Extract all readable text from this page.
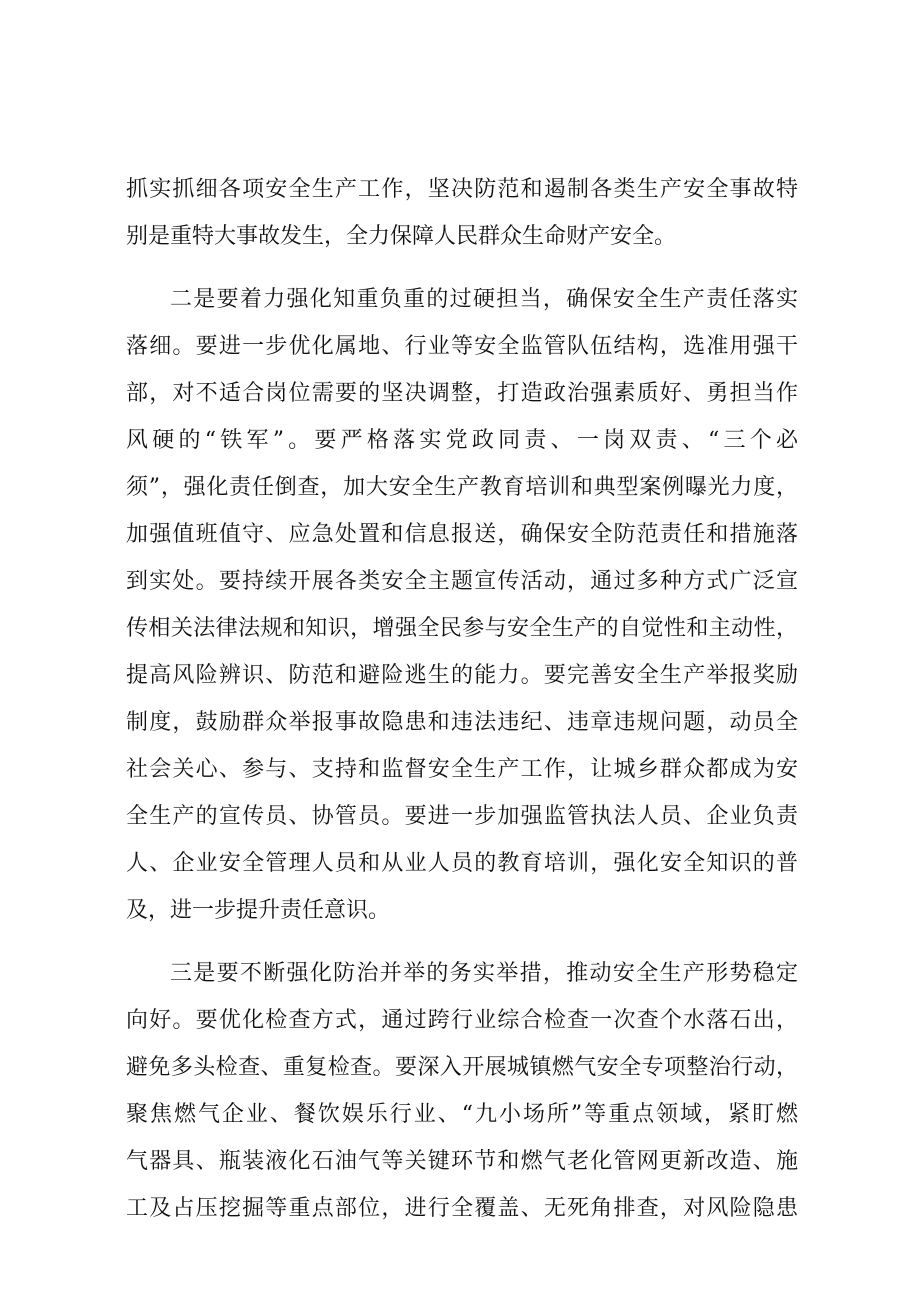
抓实抓细各项安全生产工作，坚决防范和遏制各类生产安全事故特
别是重特大事故发生，全力保障人民群众生命财产安全。
二是要着力强化知重负重的过硬担当，确保安全生产责任落实
落细。要进一步优化属地、行业等安全监管队伍结构，选准用强干
部，对不适合岗位需要的坚决调整，打造政治强素质好、勇担当作
风硬的“铁军”。要严格落实党政同责、一岗双责、“三个必
须”，强化责任倒查，加大安全生产教育培训和典型案例曝光力度，
加强值班值守、应急处置和信息报送，确保安全防范责任和措施落
到实处。要持续开展各类安全主题宣传活动，通过多种方式广泛宣
传相关法律法规和知识，增强全民参与安全生产的自觉性和主动性，
提高风险辨识、防范和避险逃生的能力。要完善安全生产举报奖励
制度，鼓励群众举报事故隐患和违法违纪、违章违规问题，动员全
社会关心、参与、支持和监督安全生产工作，让城乡群众都成为安
全生产的宣传员、协管员。要进一步加强监管执法人员、企业负责
人、企业安全管理人员和从业人员的教育培训，强化安全知识的普
及，进一步提升责任意识。
三是要不断强化防治并举的务实举措，推动安全生产形势稳定
向好。要优化检查方式，通过跨行业综合检查一次查个水落石出，
避免多头检查、重复检查。要深入开展城镇燃气安全专项整治行动，
聚焦燃气企业、餐饮娱乐行业、“九小场所”等重点领域，紧盯燃
气器具、瓶装液化石油气等关键环节和燃气老化管网更新改造、施
工及占压挖掘等重点部位，进行全覆盖、无死角排查，对风险隐患
